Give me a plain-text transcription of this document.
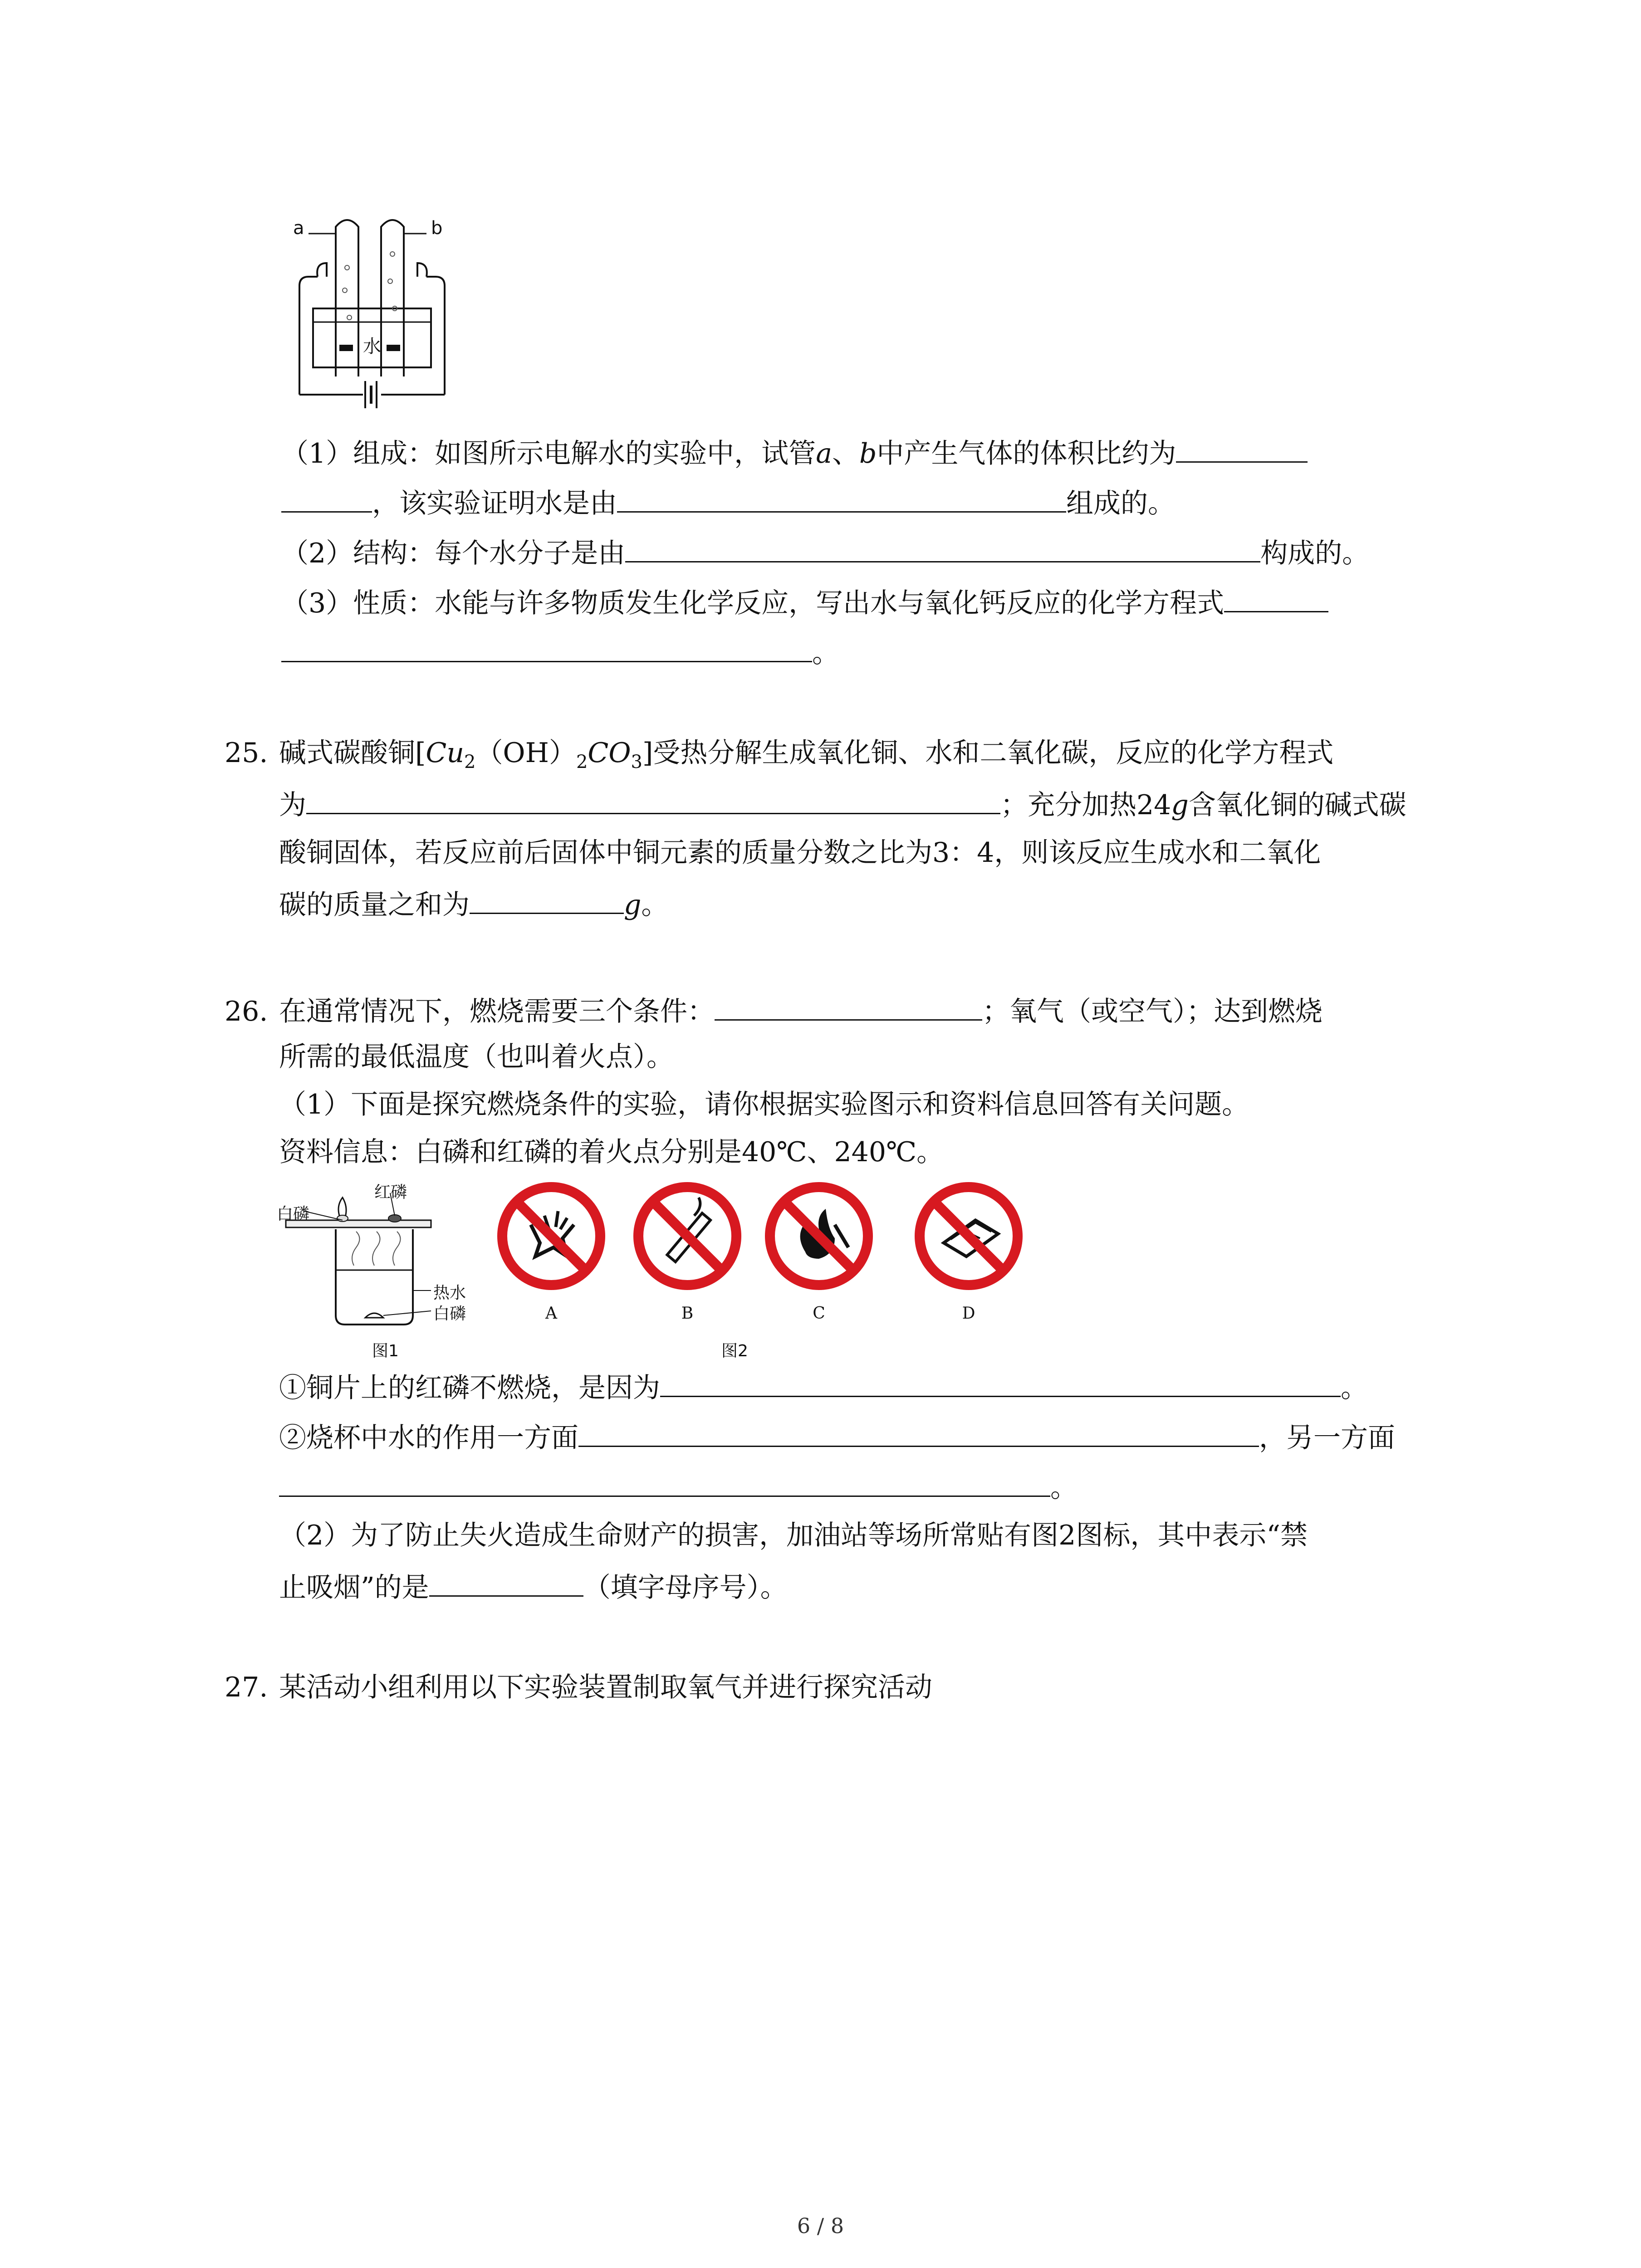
a	b
水
（1）组成：如图所示电解水的实验中，试管a、b中产生气体的体积比约为
，该实验证明水是由	组成的。
（2）结构：每个水分子是由	构成的。
（3）性质：水能与许多物质发生化学反应，写出水与氧化钙反应的化学方程式
。
25. 碱式碳酸铜$[Cu_2(OH)_2CO_3]$受热分解生成氧化铜、水和二氧化碳，反应的化学方程式
为	；充分加热24g含氧化铜的碱式碳
酸铜固体，若反应前后固体中铜元素的质量分数之比为3：4，则该反应生成水和二氧化
碳的质量之和为	g。
26. 在通常情况下，燃烧需要三个条件：	；氧气（或空气）；达到燃烧
所需的最低温度（也叫着火点）。
（1）下面是探究燃烧条件的实验，请你根据实验图示和资料信息回答有关问题。
资料信息：白磷和红磷的着火点分别是40℃、240℃。
红磷
白磷
热水
白磷
图1
A	B	C	D
图2
①铜片上的红磷不燃烧，是因为	。
②烧杯中水的作用一方面	，另一方面
。
（2）为了防止失火造成生命财产的损害，加油站等场所常贴有图2图标，其中表示“禁
止吸烟”的是	（填字母序号）。
27. 某活动小组利用以下实验装置制取氧气并进行探究活动
6 / 8
